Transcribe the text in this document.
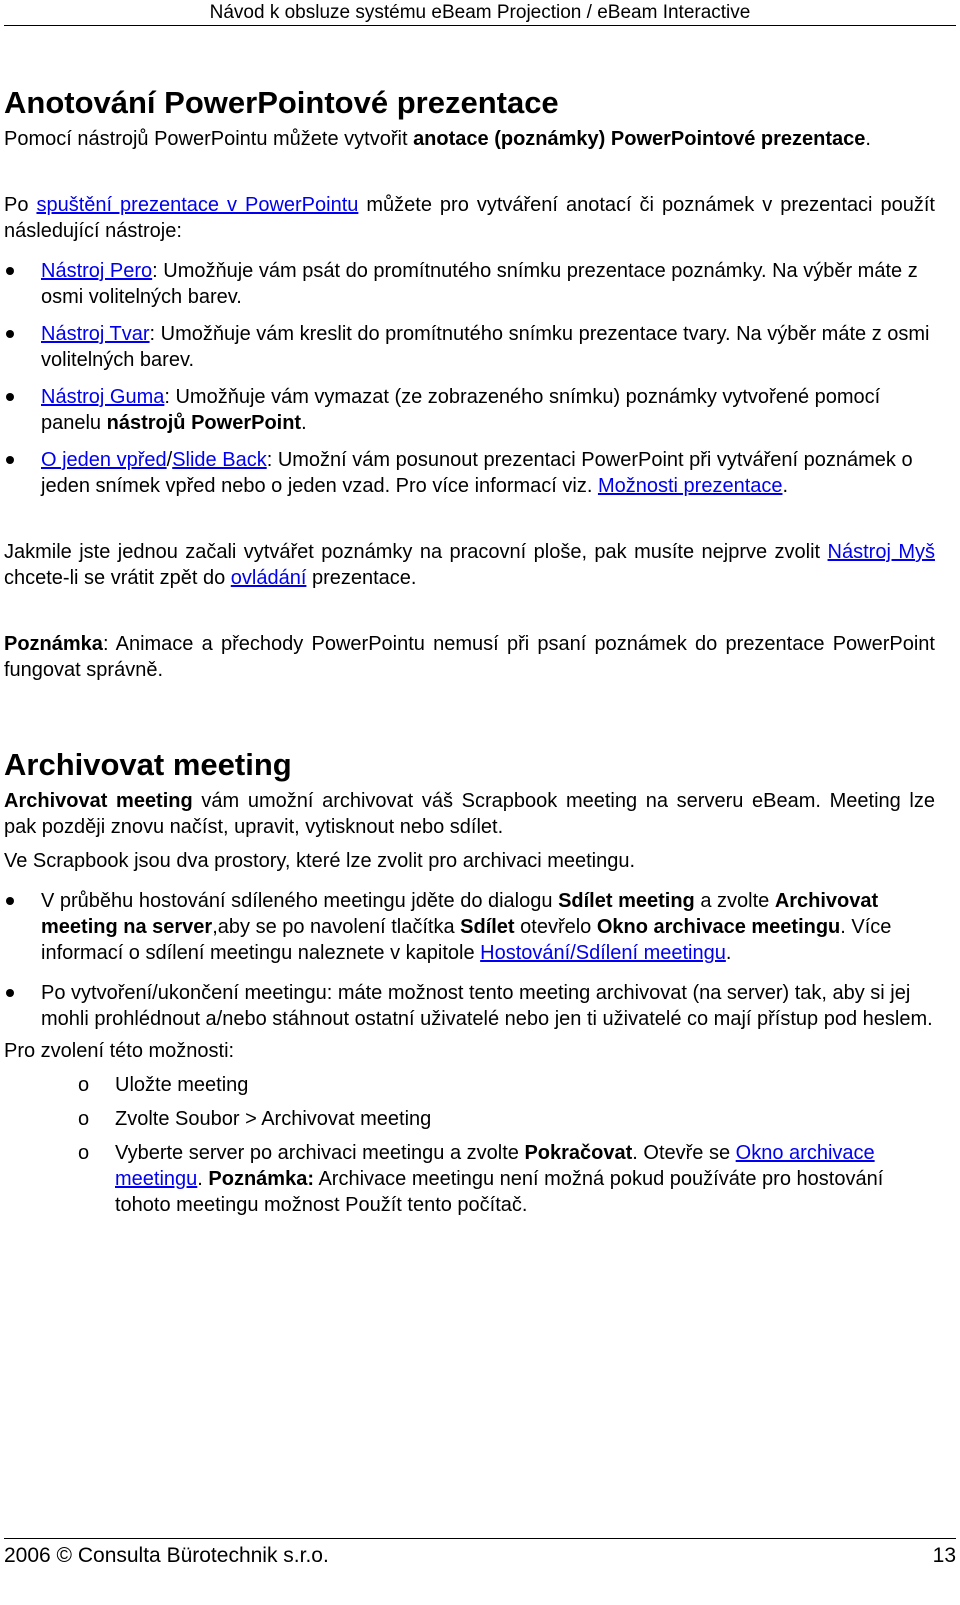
Návod k obsluze systému eBeam Projection / eBeam Interactive
Anotování PowerPointové prezentace

Pomocí nástrojů PowerPointu můžete vytvořit anotace (poznámky) PowerPointové prezentace.

Po spuštění prezentace v PowerPointu můžete pro vytváření anotací či poznámek v prezentaci použít následující nástroje:

Nástroj Pero: Umožňuje vám psát do promítnutého snímku prezentace poznámky. Na výběr máte z osmi volitelných barev.
Nástroj Tvar: Umožňuje vám kreslit do promítnutého snímku prezentace tvary. Na výběr máte z osmi volitelných barev.
Nástroj Guma: Umožňuje vám vymazat (ze zobrazeného snímku) poznámky vytvořené pomocí panelu nástrojů PowerPoint.
O jeden vpřed/Slide Back: Umožní vám posunout prezentaci PowerPoint při vytváření poznámek o jeden snímek vpřed nebo o jeden vzad. Pro více informací viz. Možnosti prezentace.

Jakmile jste jednou začali vytvářet poznámky na pracovní ploše, pak musíte nejprve zvolit Nástroj Myš chcete-li se vrátit zpět do ovládání prezentace.

Poznámka: Animace a přechody PowerPointu nemusí při psaní poznámek do prezentace PowerPoint fungovat správně.

Archivovat meeting

Archivovat meeting vám umožní archivovat váš Scrapbook meeting na serveru eBeam. Meeting lze pak později znovu načíst, upravit, vytisknout nebo sdílet.

Ve Scrapbook jsou dva prostory, které lze zvolit pro archivaci meetingu.

V průběhu hostování sdíleného meetingu jděte do dialogu Sdílet meeting a zvolte Archivovat meeting na server,aby se po navolení tlačítka Sdílet otevřelo Okno archivace meetingu. Více informací o sdílení meetingu naleznete v kapitole Hostování/Sdílení meetingu.
Po vytvoření/ukončení meetingu: máte možnost tento meeting archivovat (na server) tak, aby si jej mohli prohlédnout a/nebo stáhnout ostatní uživatelé nebo jen ti uživatelé co mají přístup pod heslem.

Pro zvolení této možnosti:

o Uložte meeting
o Zvolte Soubor > Archivovat meeting
o Vyberte server po archivaci meetingu a zvolte Pokračovat. Otevře se Okno archivace meetingu. Poznámka: Archivace meetingu není možná pokud používáte pro hostování tohoto meetingu možnost Použít tento počítač.
2006 © Consulta Bürotechnik s.r.o.	13
